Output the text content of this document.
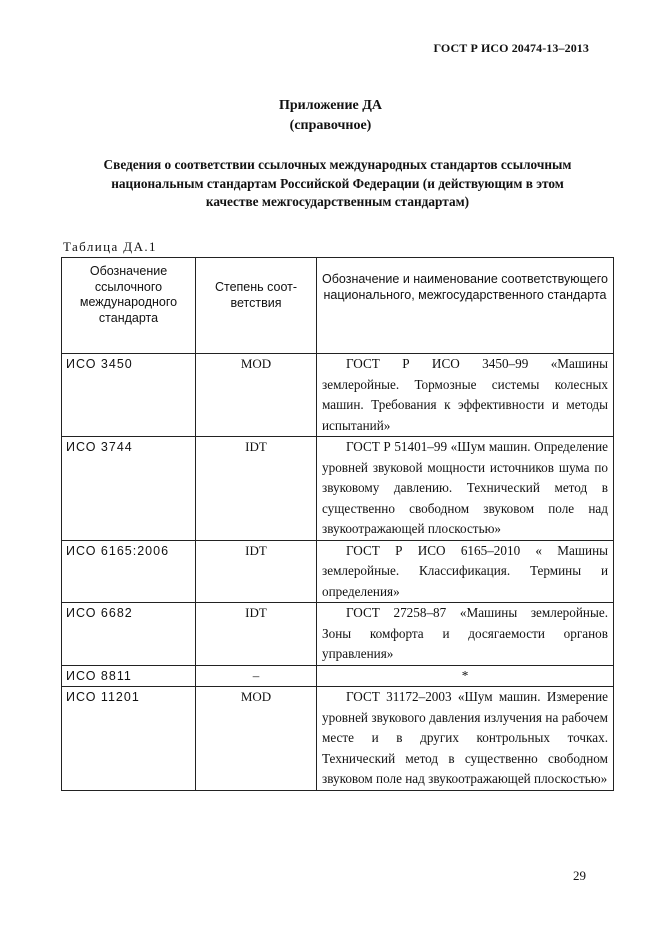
ГОСТ Р ИСО 20474-13–2013
Приложение ДА
(справочное)
Сведения о соответствии ссылочных международных стандартов ссылочным национальным стандартам Российской Федерации (и действующим в этом качестве межгосударственным стандартам)
Таблица ДА.1
Обозначение ссылочного международного стандарта	Степень соот-ветствия	Обозначение и наименование соответствующего национального, межгосударственного стандарта

ИСО 3450	MOD	ГОСТ Р ИСО 3450–99 «Машины землеройные. Тормозные системы колесных машин. Требования к эффективности и методы испытаний»
ИСО 3744	IDT	ГОСТ Р 51401–99 «Шум машин. Определение уровней звуковой мощности источников шума по звуковому давлению. Технический метод в существенно свободном звуковом поле над звукоотражающей плоскостью»
ИСО 6165:2006	IDT	ГОСТ Р ИСО 6165–2010 « Машины землеройные. Классификация. Термины и определения»
ИСО 6682	IDT	ГОСТ 27258–87 «Машины землеройные. Зоны комфорта и досягаемости органов управления»
ИСО 8811	–	*
ИСО 11201	MOD	ГОСТ 31172–2003 «Шум машин. Измерение уровней звукового давления излучения на рабочем месте и в других контрольных точках. Технический метод в существенно свободном звуковом поле над звукоотражающей плоскостью»
29
